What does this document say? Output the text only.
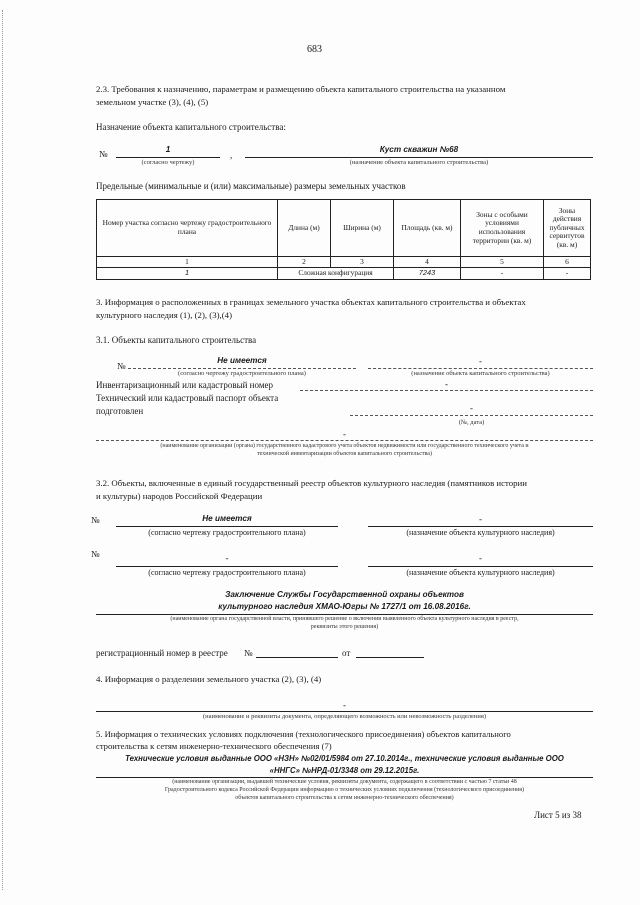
683
2.3. Требования к назначению, параметрам и размещению объекта капитального строительства на указанном
земельном участке (3), (4), (5)
Назначение объекта капитального строительства:
№	1
,
Куст скважин №68
(согласно чертежу)	(назначение объекта капитального строительства)
Предельные (минимальные и (или) максимальные) размеры земельных участков
Номер участка согласно чертежу градостроительного плана	Длина (м)	Ширина (м)	Площадь (кв. м)	Зоны с особыми условиями использования территории (кв. м)	Зоны действия публичных сервитутов (кв. м)
1	2	3	4	5	6
1	Сложная конфигурация		7243	-	-
3. Информация о расположенных в границах земельного участка объектах капитального строительства и объектах
культурного наследия (1), (2), (3),(4)
3.1. Объекты капитального строительства
№
Не имеется	-
(согласно чертежу градостроительного плана)	(назначение объекта капитального строительства)
Инвентаризационный или кадастровый номер	-
Технический или кадастровый паспорт объекта
подготовлен	-
(№, дата)
-
(наименование организации (органа) государственного кадастрового учета объектов недвижимости или государственного технического учета и
технической инвентаризации объектов капитального строительства)
3.2. Объекты, включенные в единый государственный реестр объектов культурного наследия (памятников истории
и культуры) народов Российской Федерации
№	Не имеется	-
(согласно чертежу градостроительного плана)	(назначение объекта культурного наследия)
№	-	-
(согласно чертежу градостроительного плана)	(назначение объекта культурного наследия)
Заключение Службы Государственной охраны объектов
культурного наследия ХМАО-Югры № 1727/1 от 16.08.2016г.
(наименование органа государственной власти, принявшего решение о включении выявленного объекта культурного наследия в реестр,
реквизиты этого решения)
регистрационный номер в реестре №	от
4. Информация о разделении земельного участка (2), (3), (4)
-
(наименование и реквизиты документа, определяющего возможность или невозможность разделения)
5. Информация о технических условиях подключения (технологического присоединения) объектов капитального
строительства к сетям инженерно-технического обеспечения (7)
Технические условия выданные ООО «НЗН» №02/01/5984 от 27.10.2014г., технические условия выданные ООО
«ННГС» №НРД-01/3348 от 29.12.2015г.
(наименование организации, выдавшей технические условия, реквизиты документа, содержащего в соответствии с частью 7 статьи 48
Градостроительного кодекса Российской Федерации информацию о технических условиях подключения (технологического присоединения)
объектов капитального строительства к сетям инженерно-технического обеспечения)
Лист 5 из 38
